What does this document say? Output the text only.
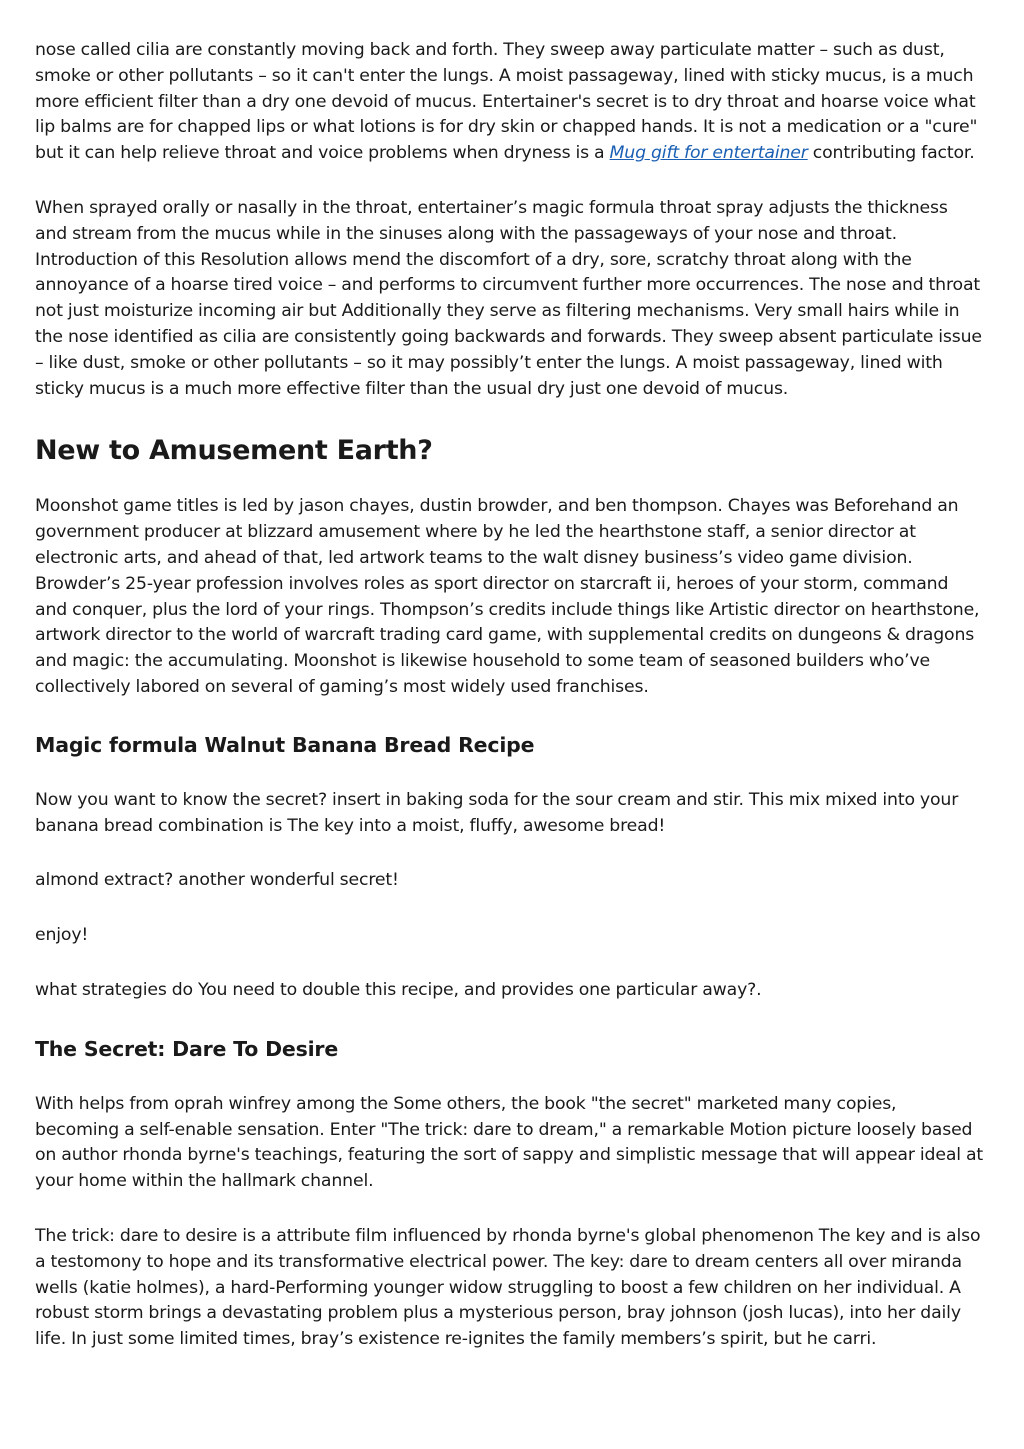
nose called cilia are constantly moving back and forth. They sweep away particulate matter – such as dust, smoke or other pollutants – so it can't enter the lungs. A moist passageway, lined with sticky mucus, is a much more efficient filter than a dry one devoid of mucus. Entertainer's secret is to dry throat and hoarse voice what lip balms are for chapped lips or what lotions is for dry skin or chapped hands. It is not a medication or a "cure" but it can help relieve throat and voice problems when dryness is a Mug gift for entertainer contributing factor.

When sprayed orally or nasally in the throat, entertainer’s magic formula throat spray adjusts the thickness and stream from the mucus while in the sinuses along with the passageways of your nose and throat. Introduction of this Resolution allows mend the discomfort of a dry, sore, scratchy throat along with the annoyance of a hoarse tired voice – and performs to circumvent further more occurrences. The nose and throat not just moisturize incoming air but Additionally they serve as filtering mechanisms. Very small hairs while in the nose identified as cilia are consistently going backwards and forwards. They sweep absent particulate issue – like dust, smoke or other pollutants – so it may possibly’t enter the lungs. A moist passageway, lined with sticky mucus is a much more effective filter than the usual dry just one devoid of mucus.

New to Amusement Earth?

Moonshot game titles is led by jason chayes, dustin browder, and ben thompson. Chayes was Beforehand an government producer at blizzard amusement where by he led the hearthstone staff, a senior director at electronic arts, and ahead of that, led artwork teams to the walt disney business’s video game division. Browder’s 25-year profession involves roles as sport director on starcraft ii, heroes of your storm, command and conquer, plus the lord of your rings. Thompson’s credits include things like Artistic director on hearthstone, artwork director to the world of warcraft trading card game, with supplemental credits on dungeons & dragons and magic: the accumulating. Moonshot is likewise household to some team of seasoned builders who’ve collectively labored on several of gaming’s most widely used franchises.

Magic formula Walnut Banana Bread Recipe

Now you want to know the secret? insert in baking soda for the sour cream and stir. This mix mixed into your banana bread combination is The key into a moist, fluffy, awesome bread!

almond extract? another wonderful secret!

enjoy!

what strategies do You need to double this recipe, and provides one particular away?.

The Secret: Dare To Desire

With helps from oprah winfrey among the Some others, the book "the secret" marketed many copies, becoming a self-enable sensation. Enter "The trick: dare to dream," a remarkable Motion picture loosely based on author rhonda byrne's teachings, featuring the sort of sappy and simplistic message that will appear ideal at your home within the hallmark channel.

The trick: dare to desire is a attribute film influenced by rhonda byrne's global phenomenon The key and is also a testomony to hope and its transformative electrical power. The key: dare to dream centers all over miranda wells (katie holmes), a hard-Performing younger widow struggling to boost a few children on her individual. A robust storm brings a devastating problem plus a mysterious person, bray johnson (josh lucas), into her daily life. In just some limited times, bray’s existence re-ignites the family members’s spirit, but he carri.
